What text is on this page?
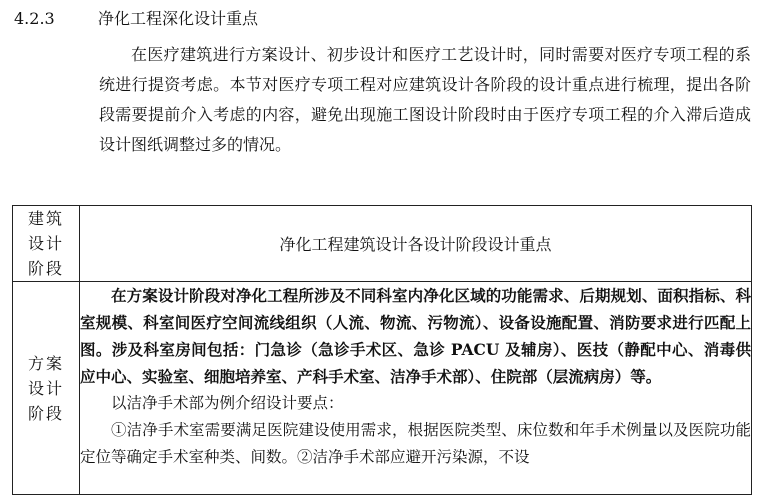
4.2.3	净化工程深化设计重点
在医疗建筑进行方案设计、初步设计和医疗工艺设计时，同时需要对医疗专项工程的系统进行提资考虑。本节对医疗专项工程对应建筑设计各阶段的设计重点进行梳理，提出各阶段需要提前介入考虑的内容，避免出现施工图设计阶段时由于医疗专项工程的介入滞后造成设计图纸调整过多的情况。
建筑设计阶段	净化工程建筑设计各设计阶段设计重点

方案设计阶段	在方案设计阶段对净化工程所涉及不同科室内净化区域的功能需求、后期规划、面积指标、科室规模、科室间医疗空间流线组织（人流、物流、污物流）、设备设施配置、消防要求进行匹配上图。涉及科室房间包括：门急诊（急诊手术区、急诊 PACU 及辅房）、医技（静配中心、消毒供应中心、实验室、细胞培养室、产科手术室、洁净手术部）、住院部（层流病房）等。
以洁净手术部为例介绍设计要点：
①洁净手术室需要满足医院建设使用需求，根据医院类型、床位数和年手术例量以及医院功能定位等确定手术室种类、间数。②洁净手术部应避开污染源，不设
